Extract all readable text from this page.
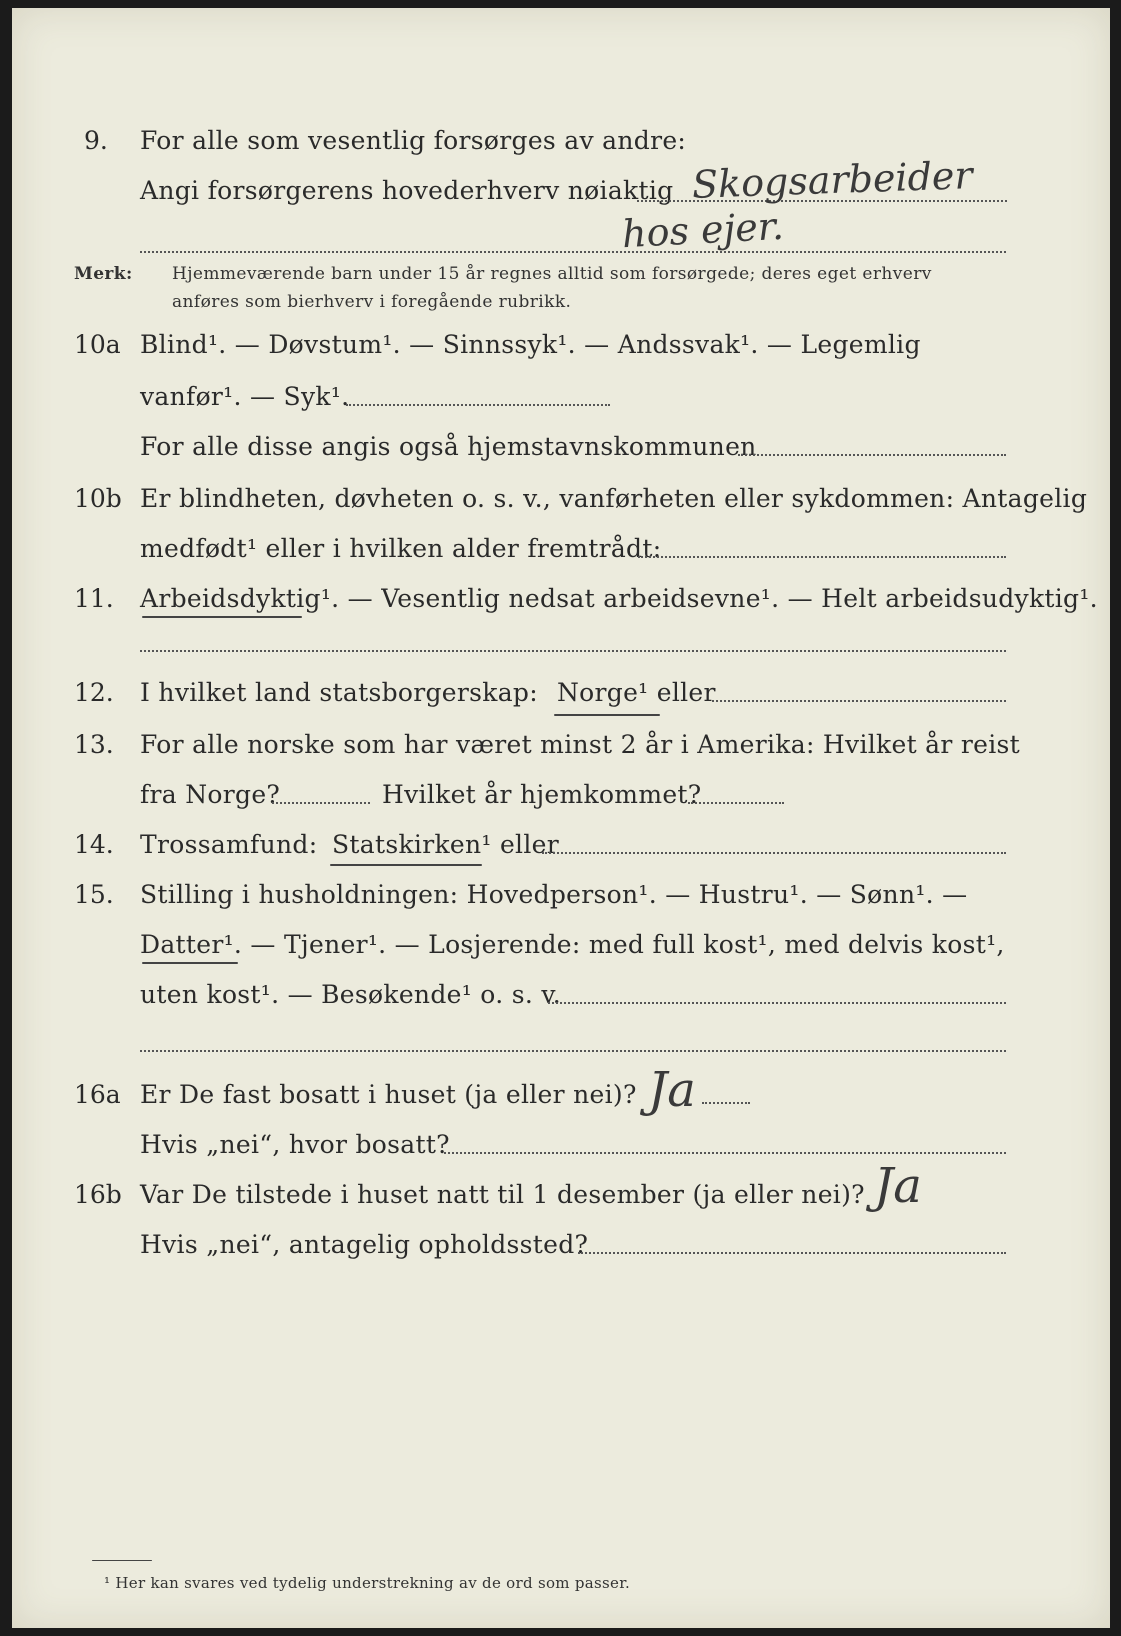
9. For alle som vesentlig forsørges av andre:
Angi forsørgerens hovederhverv nøiaktig Skogsarbeider
hos ejer.
Merk: Hjemmeværende barn under 15 år regnes alltid som forsørgede; deres eget erhverv
anføres som bierhverv i foregående rubrikk.
10a Blind¹. — Døvstum¹. — Sinnssyk¹. — Andssvak¹. — Legemlig
vanfør¹. — Syk¹.
For alle disse angis også hjemstavnskommunen
10b Er blindheten, døvheten o. s. v., vanførheten eller sykdommen: Antagelig
medfødt¹ eller i hvilken alder fremtrådt:
11. Arbeidsdyktig¹. — Vesentlig nedsat arbeidsevne¹. — Helt arbeidsudyktig¹.
12. I hvilket land statsborgerskap: Norge¹ eller
13. For alle norske som har været minst 2 år i Amerika: Hvilket år reist
fra Norge?	Hvilket år hjemkommet?
14. Trossamfund: Statskirken¹ eller
15. Stilling i husholdningen: Hovedperson¹. — Hustru¹. — Sønn¹. —
Datter¹. — Tjener¹. — Losjerende: med full kost¹, med delvis kost¹,
uten kost¹. — Besøkende¹ o. s. v.
16a Er De fast bosatt i huset (ja eller nei)? Ja
Hvis „nei“, hvor bosatt?
16b Var De tilstede i huset natt til 1 desember (ja eller nei)? Ja
Hvis „nei“, antagelig opholdssted?
¹ Her kan svares ved tydelig understrekning av de ord som passer.
